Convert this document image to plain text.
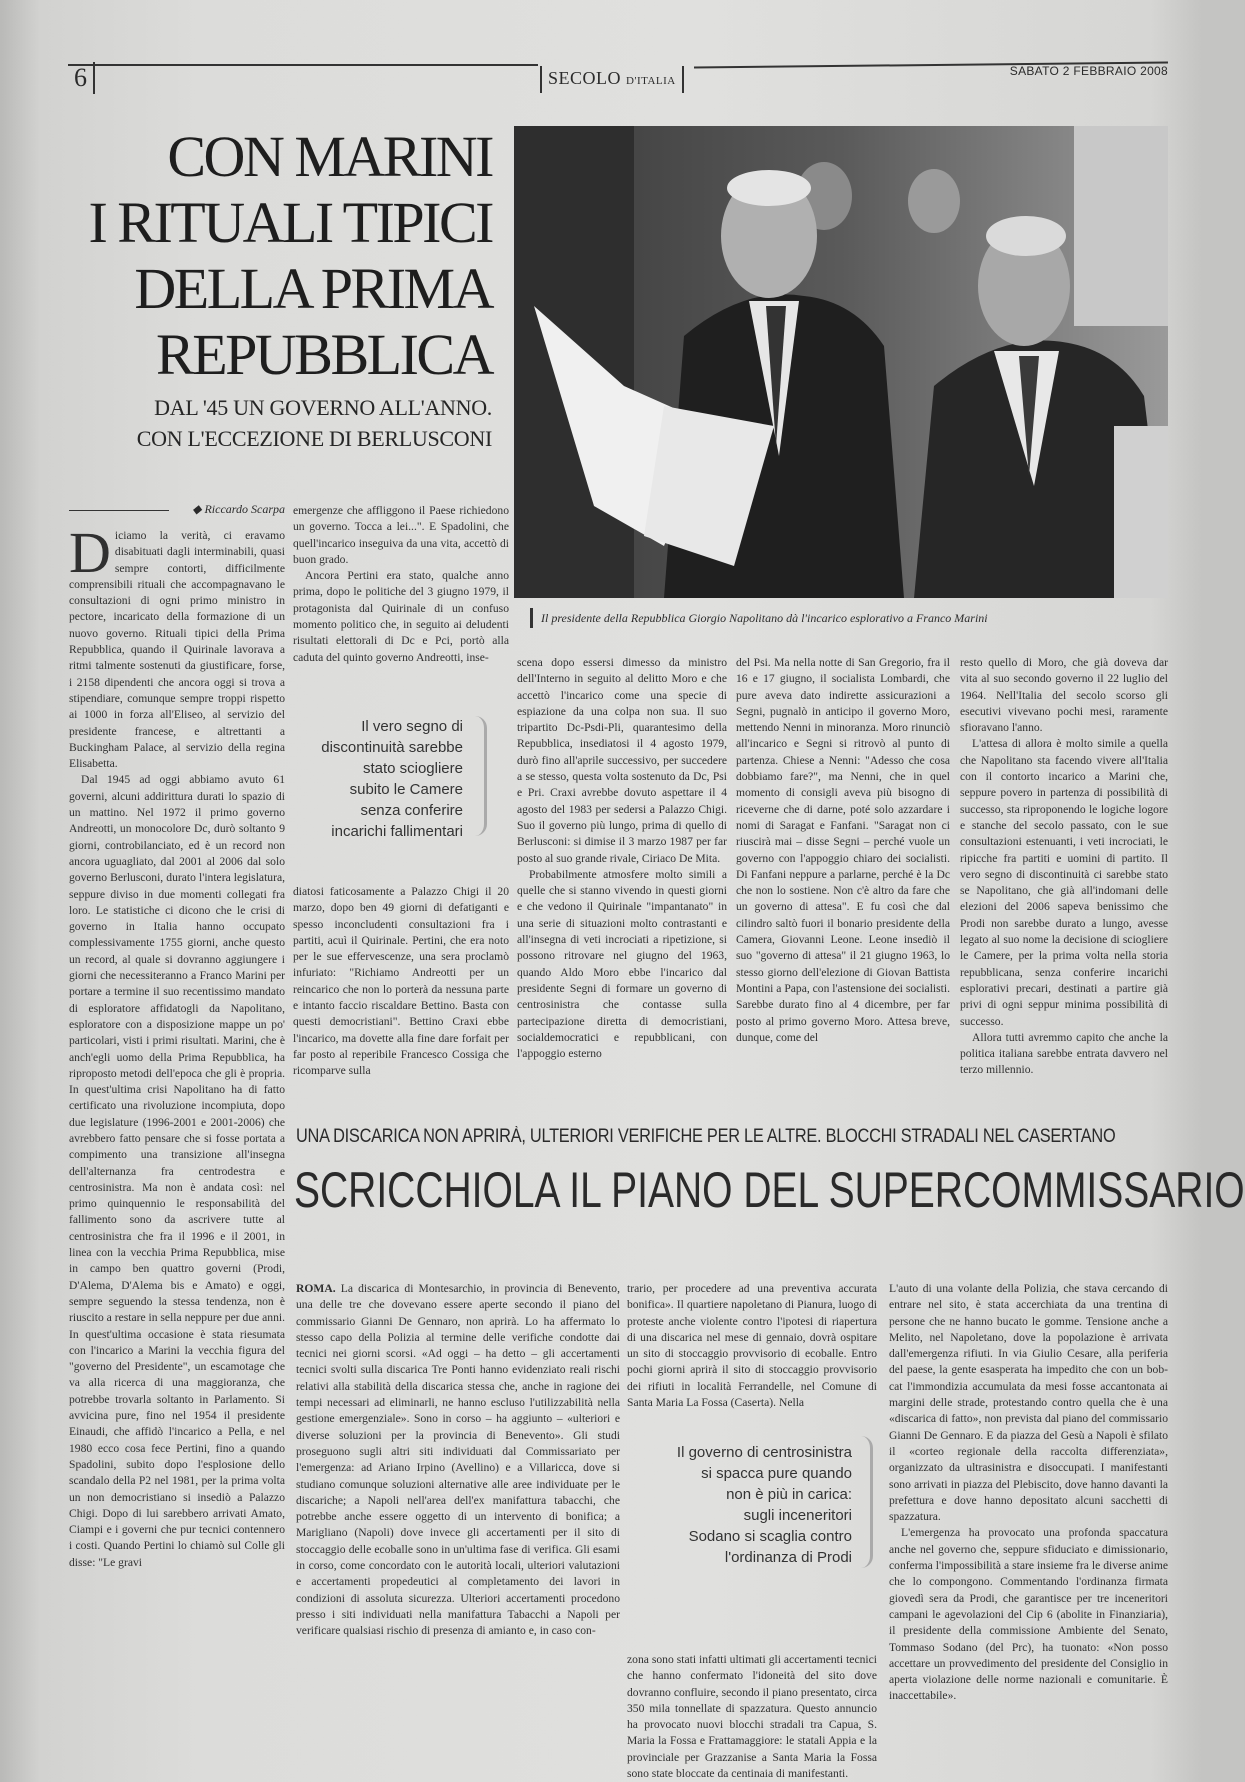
6	SECOLO D'ITALIA
SABATO 2 FEBBRAIO 2008
CON MARINI
I RITUALI TIPICI
DELLA PRIMA
REPUBBLICA
DAL '45 UN GOVERNO ALL'ANNO.
CON L'ECCEZIONE DI BERLUSCONI
Il presidente della Repubblica Giorgio Napolitano dà l'incarico esplorativo a Franco Marini
◆ Riccardo Scarpa

Diciamo la verità, ci eravamo disabituati dagli interminabili, quasi sempre contorti, difficilmente comprensibili rituali che accompagnavano le consultazioni di ogni primo ministro in pectore, incaricato della formazione di un nuovo governo. Rituali tipici della Prima Repubblica, quando il Quirinale lavorava a ritmi talmente sostenuti da giustificare, forse, i 2158 dipendenti che ancora oggi si trova a stipendiare, comunque sempre troppi rispetto ai 1000 in forza all'Eliseo, al servizio del presidente francese, e altrettanti a Buckingham Palace, al servizio della regina Elisabetta.

Dal 1945 ad oggi abbiamo avuto 61 governi, alcuni addirittura durati lo spazio di un mattino. Nel 1972 il primo governo Andreotti, un monocolore Dc, durò soltanto 9 giorni, controbilanciato, ed è un record non ancora uguagliato, dal 2001 al 2006 dal solo governo Berlusconi, durato l'intera legislatura, seppure diviso in due momenti collegati fra loro. Le statistiche ci dicono che le crisi di governo in Italia hanno occupato complessivamente 1755 giorni, anche questo un record, al quale si dovranno aggiungere i giorni che necessiteranno a Franco Marini per portare a termine il suo recentissimo mandato di esploratore affidatogli da Napolitano, esploratore con a disposizione mappe un po' particolari, visti i primi risultati. Marini, che è anch'egli uomo della Prima Repubblica, ha riproposto metodi dell'epoca che gli è propria. In quest'ultima crisi Napolitano ha di fatto certificato una rivoluzione incompiuta, dopo due legislature (1996-2001 e 2001-2006) che avrebbero fatto pensare che si fosse portata a compimento una transizione all'insegna dell'alternanza fra centrodestra e centrosinistra. Ma non è andata così: nel primo quinquennio le responsabilità del fallimento sono da ascrivere tutte al centrosinistra che fra il 1996 e il 2001, in linea con la vecchia Prima Repubblica, mise in campo ben quattro governi (Prodi, D'Alema, D'Alema bis e Amato) e oggi, sempre seguendo la stessa tendenza, non è riuscito a restare in sella neppure per due anni. In quest'ultima occasione è stata riesumata con l'incarico a Marini la vecchia figura del "governo del Presidente", un escamotage che va alla ricerca di una maggioranza, che potrebbe trovarla soltanto in Parlamento. Si avvicina pure, fino nel 1954 il presidente Einaudi, che affidò l'incarico a Pella, e nel 1980 ecco cosa fece Pertini, fino a quando Spadolini, subito dopo l'esplosione dello scandalo della P2 nel 1981, per la prima volta un non democristiano si insediò a Palazzo Chigi. Dopo di lui sarebbero arrivati Amato, Ciampi e i governi che pur tecnici contennero i costi. Quando Pertini lo chiamò sul Colle gli disse: "Le gravi

emergenze che affliggono il Paese richiedono un governo. Tocca a lei...". E Spadolini, che quell'incarico inseguiva da una vita, accettò di buon grado.

Ancora Pertini era stato, qualche anno prima, dopo le politiche del 3 giugno 1979, il protagonista dal Quirinale di un confuso momento politico che, in seguito ai deludenti risultati elettorali di Dc e Pci, portò alla caduta del quinto governo Andreotti, inse-

Il vero segno di
discontinuità sarebbe
stato sciogliere
subito le Camere
senza conferire
incarichi fallimentari

diatosi faticosamente a Palazzo Chigi il 20 marzo, dopo ben 49 giorni di defatiganti e spesso inconcludenti consultazioni fra i partiti, acuì il Quirinale. Pertini, che era noto per le sue effervescenze, una sera proclamò infuriato: "Richiamo Andreotti per un reincarico che non lo porterà da nessuna parte e intanto faccio riscaldare Bettino. Basta con questi democristiani". Bettino Craxi ebbe l'incarico, ma dovette alla fine dare forfait per far posto al reperibile Francesco Cossiga che ricomparve sulla

scena dopo essersi dimesso da ministro dell'Interno in seguito al delitto Moro e che accettò l'incarico come una specie di espiazione da una colpa non sua. Il suo tripartito Dc-Psdi-Pli, quarantesimo della Repubblica, insediatosi il 4 agosto 1979, durò fino all'aprile successivo, per succedere a se stesso, questa volta sostenuto da Dc, Psi e Pri. Craxi avrebbe dovuto aspettare il 4 agosto del 1983 per sedersi a Palazzo Chigi. Suo il governo più lungo, prima di quello di Berlusconi: si dimise il 3 marzo 1987 per far posto al suo grande rivale, Ciriaco De Mita.

Probabilmente atmosfere molto simili a quelle che si stanno vivendo in questi giorni e che vedono il Quirinale "impantanato" in una serie di situazioni molto contrastanti e all'insegna di veti incrociati a ripetizione, si possono ritrovare nel giugno del 1963, quando Aldo Moro ebbe l'incarico dal presidente Segni di formare un governo di centrosinistra che contasse sulla partecipazione diretta di democristiani, socialdemocratici e repubblicani, con l'appoggio esterno

del Psi. Ma nella notte di San Gregorio, fra il 16 e 17 giugno, il socialista Lombardi, che pure aveva dato indirette assicurazioni a Segni, pugnalò in anticipo il governo Moro, mettendo Nenni in minoranza. Moro rinunciò all'incarico e Segni si ritrovò al punto di partenza. Chiese a Nenni: "Adesso che cosa dobbiamo fare?", ma Nenni, che in quel momento di consigli aveva più bisogno di riceverne che di darne, poté solo azzardare i nomi di Saragat e Fanfani. "Saragat non ci riuscirà mai – disse Segni – perché vuole un governo con l'appoggio chiaro dei socialisti. Di Fanfani neppure a parlarne, perché è la Dc che non lo sostiene. Non c'è altro da fare che un governo di attesa". E fu così che dal cilindro saltò fuori il bonario presidente della Camera, Giovanni Leone. Leone insediò il suo "governo di attesa" il 21 giugno 1963, lo stesso giorno dell'elezione di Giovan Battista Montini a Papa, con l'astensione dei socialisti. Sarebbe durato fino al 4 dicembre, per far posto al primo governo Moro. Attesa breve, dunque, come del

resto quello di Moro, che già doveva dar vita al suo secondo governo il 22 luglio del 1964. Nell'Italia del secolo scorso gli esecutivi vivevano pochi mesi, raramente sfioravano l'anno.

L'attesa di allora è molto simile a quella che Napolitano sta facendo vivere all'Italia con il contorto incarico a Marini che, seppure povero in partenza di possibilità di successo, sta riproponendo le logiche logore e stanche del secolo passato, con le sue consultazioni estenuanti, i veti incrociati, le ripicche fra partiti e uomini di partito. Il vero segno di discontinuità ci sarebbe stato se Napolitano, che già all'indomani delle elezioni del 2006 sapeva benissimo che Prodi non sarebbe durato a lungo, avesse legato al suo nome la decisione di sciogliere le Camere, per la prima volta nella storia repubblicana, senza conferire incarichi esplorativi precari, destinati a partire già privi di ogni seppur minima possibilità di successo.

Allora tutti avremmo capito che anche la politica italiana sarebbe entrata davvero nel terzo millennio.

UNA DISCARICA NON APRIRÀ, ULTERIORI VERIFICHE PER LE ALTRE. BLOCCHI STRADALI NEL CASERTANO
SCRICCHIOLA IL PIANO DEL SUPERCOMMISSARIO

ROMA. La discarica di Montesarchio, in provincia di Benevento, una delle tre che dovevano essere aperte secondo il piano del commissario Gianni De Gennaro, non aprirà. Lo ha affermato lo stesso capo della Polizia al termine delle verifiche condotte dai tecnici nei giorni scorsi. «Ad oggi – ha detto – gli accertamenti tecnici svolti sulla discarica Tre Ponti hanno evidenziato reali rischi relativi alla stabilità della discarica stessa che, anche in ragione dei tempi necessari ad eliminarli, ne hanno escluso l'utilizzabilità nella gestione emergenziale». Sono in corso – ha aggiunto – «ulteriori e diverse soluzioni per la provincia di Benevento». Gli studi proseguono sugli altri siti individuati dal Commissariato per l'emergenza: ad Ariano Irpino (Avellino) e a Villaricca, dove si studiano comunque soluzioni alternative alle aree individuate per le discariche; a Napoli nell'area dell'ex manifattura tabacchi, che potrebbe anche essere oggetto di un intervento di bonifica; a Marigliano (Napoli) dove invece gli accertamenti per il sito di stoccaggio delle ecoballe sono in un'ultima fase di verifica. Gli esami in corso, come concordato con le autorità locali, ulteriori valutazioni e accertamenti propedeutici al completamento dei lavori in condizioni di assoluta sicurezza. Ulteriori accertamenti procedono presso i siti individuati nella manifattura Tabacchi a Napoli per verificare qualsiasi rischio di presenza di amianto e, in caso con-

trario, per procedere ad una preventiva accurata bonifica». Il quartiere napoletano di Pianura, luogo di proteste anche violente contro l'ipotesi di riapertura di una discarica nel mese di gennaio, dovrà ospitare un sito di stoccaggio provvisorio di ecoballe. Entro pochi giorni aprirà il sito di stoccaggio provvisorio dei rifiuti in località Ferrandelle, nel Comune di Santa Maria La Fossa (Caserta). Nella

Il governo di centrosinistra
si spacca pure quando
non è più in carica:
sugli inceneritori
Sodano si scaglia contro
l'ordinanza di Prodi

zona sono stati infatti ultimati gli accertamenti tecnici che hanno confermato l'idoneità del sito dove dovranno confluire, secondo il piano presentato, circa 350 mila tonnellate di spazzatura. Questo annuncio ha provocato nuovi blocchi stradali tra Capua, S. Maria la Fossa e Frattamaggiore: le statali Appia e la provinciale per Grazzanise a Santa Maria la Fossa sono state bloccate da centinaia di manifestanti.

L'auto di una volante della Polizia, che stava cercando di entrare nel sito, è stata accerchiata da una trentina di persone che ne hanno bucato le gomme. Tensione anche a Melito, nel Napoletano, dove la popolazione è arrivata dall'emergenza rifiuti. In via Giulio Cesare, alla periferia del paese, la gente esasperata ha impedito che con un bob-cat l'immondizia accumulata da mesi fosse accantonata ai margini delle strade, protestando contro quella che è una «discarica di fatto», non prevista dal piano del commissario Gianni De Gennaro. E da piazza del Gesù a Napoli è sfilato il «corteo regionale della raccolta differenziata», organizzato da ultrasinistra e disoccupati. I manifestanti sono arrivati in piazza del Plebiscito, dove hanno davanti la prefettura e dove hanno depositato alcuni sacchetti di spazzatura.

L'emergenza ha provocato una profonda spaccatura anche nel governo che, seppure sfiduciato e dimissionario, conferma l'impossibilità a stare insieme fra le diverse anime che lo compongono. Commentando l'ordinanza firmata giovedì sera da Prodi, che garantisce per tre inceneritori campani le agevolazioni del Cip 6 (abolite in Finanziaria), il presidente della commissione Ambiente del Senato, Tommaso Sodano (del Prc), ha tuonato: «Non posso accettare un provvedimento del presidente del Consiglio in aperta violazione delle norme nazionali e comunitarie. È inaccettabile».
